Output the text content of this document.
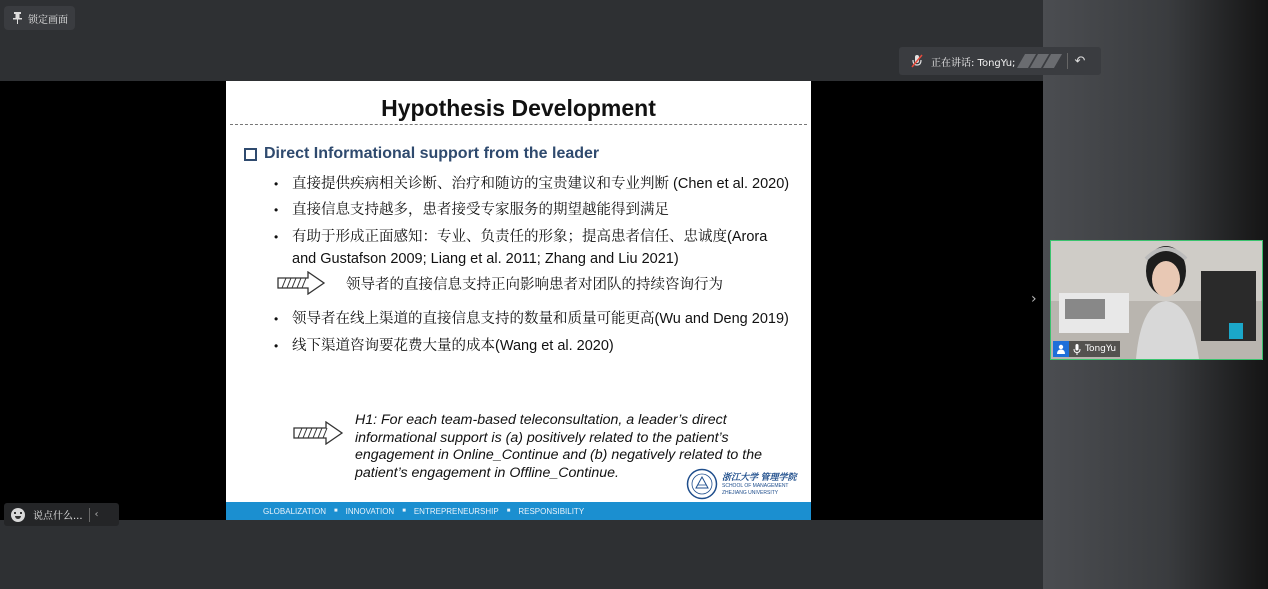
锁定画面
正在讲话: TongYu;	↶
Hypothesis Development
Direct Informational support from the leader
• 直接提供疾病相关诊断、治疗和随访的宝贵建议和专业判断 (Chen et al. 2020)
• 直接信息支持越多，患者接受专家服务的期望越能得到满足
• 有助于形成正面感知：专业、负责任的形象；提高患者信任、忠诚度(Arora
and Gustafson 2009; Liang et al. 2011; Zhang and Liu 2021)
领导者的直接信息支持正向影响患者对团队的持续咨询行为
• 领导者在线上渠道的直接信息支持的数量和质量可能更高(Wu and Deng 2019)
• 线下渠道咨询要花费大量的成本(Wang et al. 2020)

H1: For each team-based teleconsultation, a leader’s direct

informational support is (a) positively related to the patient’s

engagement in Online_Continue and (b) negatively related to the

patient’s engagement in Offline_Continue.	浙江大学 管理学院
SCHOOL OF MANAGEMENT
ZHEJIANG UNIVERSITY
GLOBALIZATION ■ INNOVATION ■ ENTREPRENEURSHIP ■ RESPONSIBILITY
›
TongYu
说点什么... ‹
